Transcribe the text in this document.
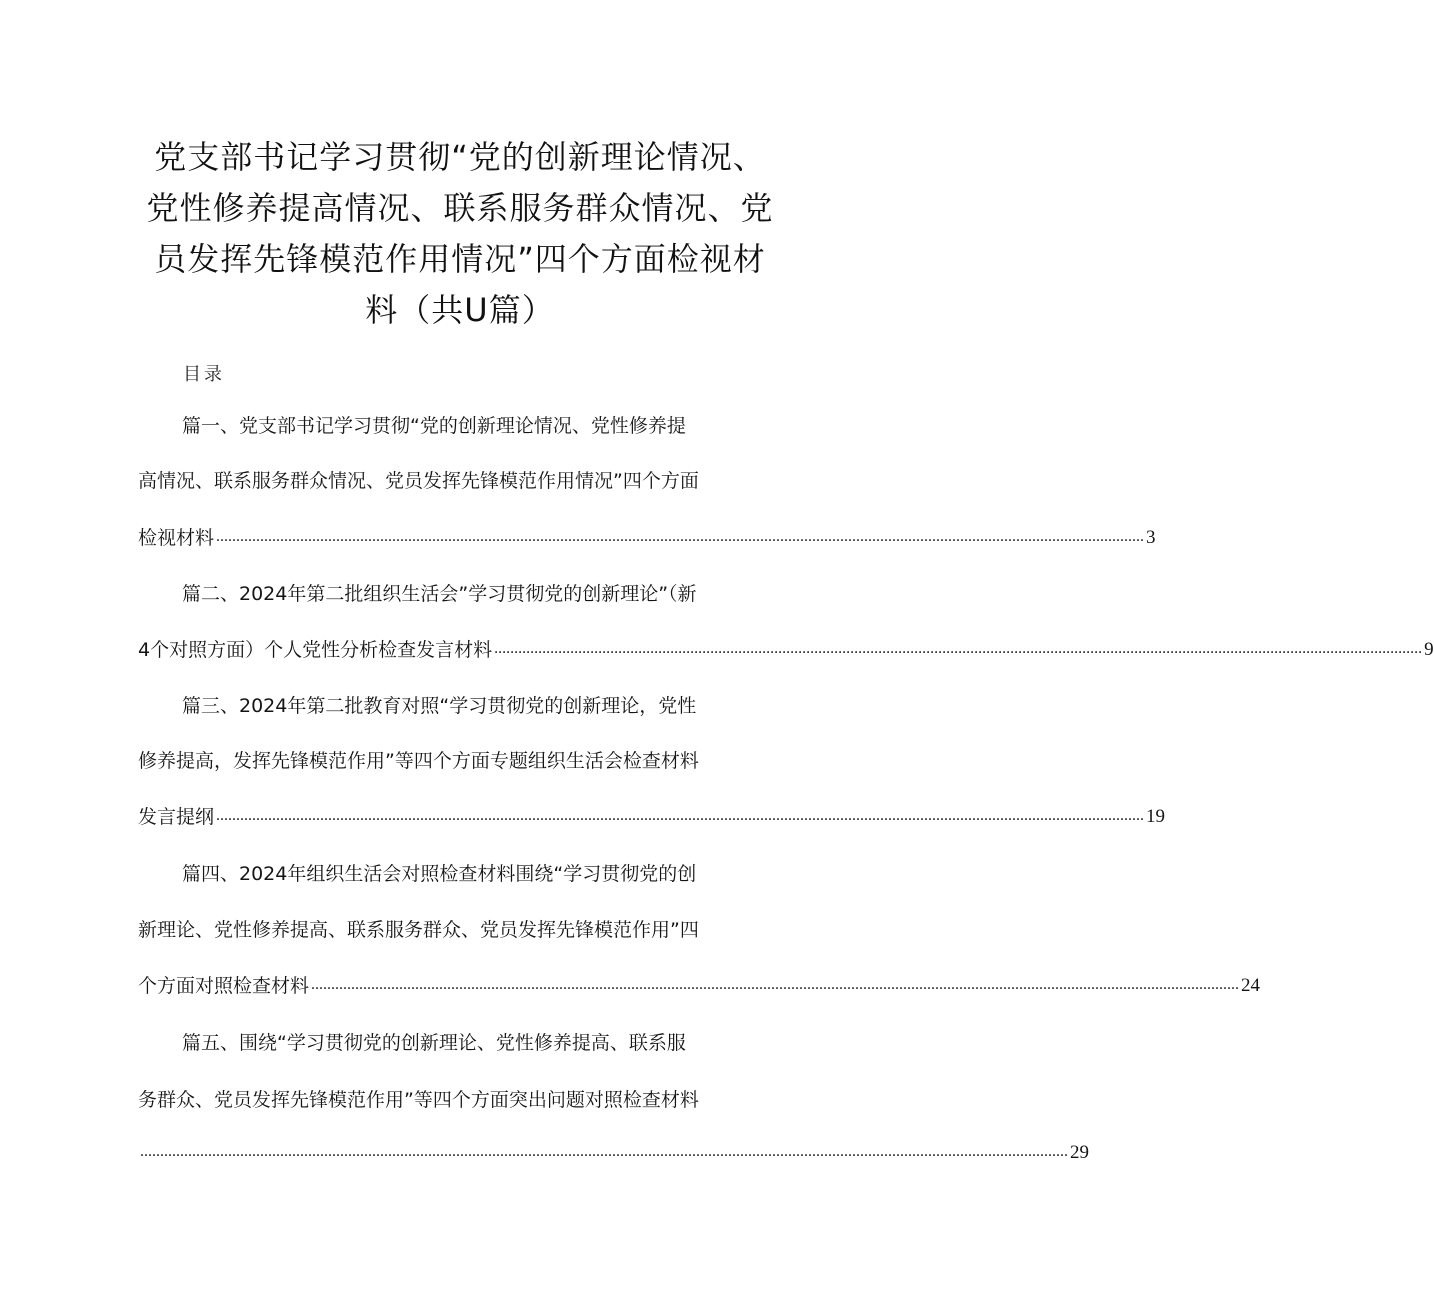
党支部书记学习贯彻“党的创新理论情况、
党性修养提高情况、联系服务群众情况、党
员发挥先锋模范作用情况”四个方面检视材
料（共U篇）
目录
篇一、党支部书记学习贯彻“党的创新理论情况、党性修养提
高情况、联系服务群众情况、党员发挥先锋模范作用情况”四个方面
检视材料 ........................................................................................................................................................................................................................................ 3
篇二、2024年第二批组织生活会”学习贯彻党的创新理论”（新
4个对照方面）个人党性分析检查发言材料 ........................................................................................................................................................................................................................................ 9
篇三、2024年第二批教育对照“学习贯彻党的创新理论，党性
修养提高，发挥先锋模范作用”等四个方面专题组织生活会检查材料
发言提纲 ........................................................................................................................................................................................................................................ 19
篇四、2024年组织生活会对照检查材料围绕“学习贯彻党的创
新理论、党性修养提高、联系服务群众、党员发挥先锋模范作用”四
个方面对照检查材料 ........................................................................................................................................................................................................................................ 24
篇五、围绕“学习贯彻党的创新理论、党性修养提高、联系服
务群众、党员发挥先锋模范作用”等四个方面突出问题对照检查材料
........................................................................................................................................................................................................................................ 29
